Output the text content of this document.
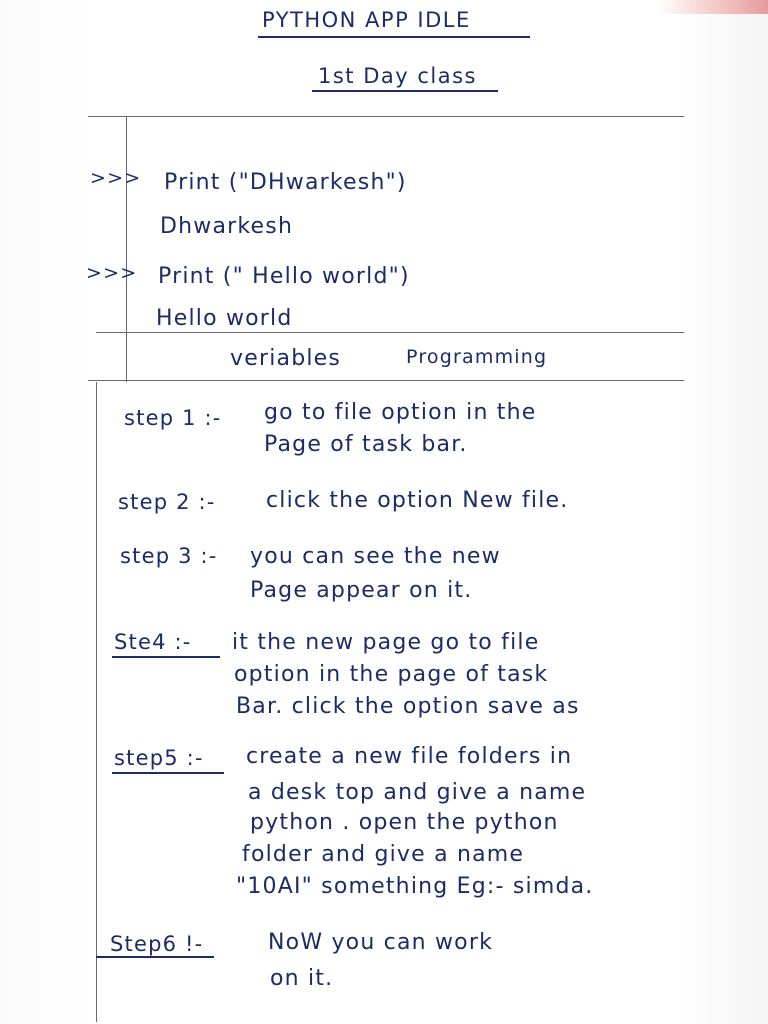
PYTHON APP IDLE
1st Day class
>>> Print ("DHwarkesh")
Dhwarkesh
>>> Print (" Hello world")
Hello world
veriables	Programming
step 1 :- go to file option in the
Page of task bar.
step 2 :- click the option New file.
step 3 :- you can see the new
Page appear on it.
Ste4 :- it the new page go to file
option in the page of task
Bar. click the option save as
step5 :- create a new file folders in
a desk top and give a name
python . open the python
folder and give a name
"10AI" something Eg:- simda.
Step6 !-	NoW you can work
on it.
